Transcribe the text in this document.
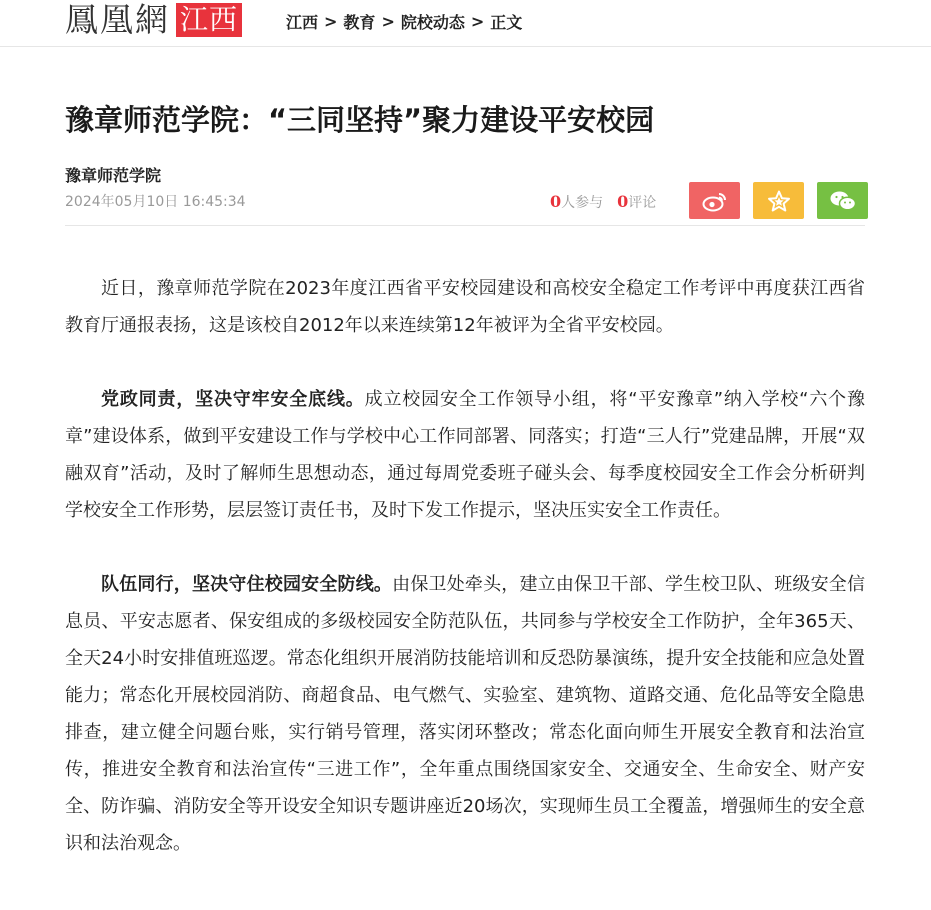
鳳凰網 江西	江西 > 教育 > 院校动态 > 正文
豫章师范学院：“三同坚持”聚力建设平安校园
豫章师范学院
2024年05月10日 16:45:34	0人参与 0评论

近日，豫章师范学院在2023年度江西省平安校园建设和高校安全稳定工作考评中再度获江西省教育厅通报表扬，这是该校自2012年以来连续第12年被评为全省平安校园。

党政同责，坚决守牢安全底线。成立校园安全工作领导小组，将“平安豫章”纳入学校“六个豫章”建设体系，做到平安建设工作与学校中心工作同部署、同落实；打造“三人行”党建品牌，开展“双融双育”活动，及时了解师生思想动态，通过每周党委班子碰头会、每季度校园安全工作会分析研判学校安全工作形势，层层签订责任书，及时下发工作提示，坚决压实安全工作责任。

队伍同行，坚决守住校园安全防线。由保卫处牵头，建立由保卫干部、学生校卫队、班级安全信息员、平安志愿者、保安组成的多级校园安全防范队伍，共同参与学校安全工作防护，全年365天、全天24小时安排值班巡逻。常态化组织开展消防技能培训和反恐防暴演练，提升安全技能和应急处置能力；常态化开展校园消防、商超食品、电气燃气、实验室、建筑物、道路交通、危化品等安全隐患排查，建立健全问题台账，实行销号管理，落实闭环整改；常态化面向师生开展安全教育和法治宣传，推进安全教育和法治宣传“三进工作”，全年重点围绕国家安全、交通安全、生命安全、财产安全、防诈骗、消防安全等开设安全知识专题讲座近20场次，实现师生员工全覆盖，增强师生的安全意识和法治观念。
